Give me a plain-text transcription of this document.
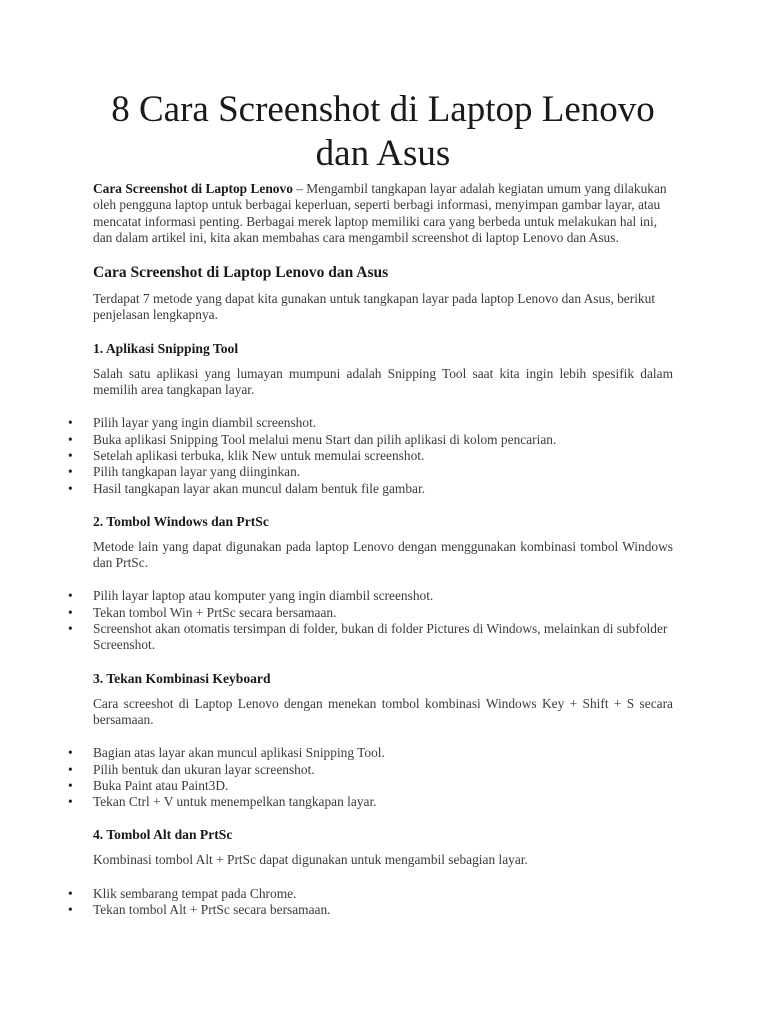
8 Cara Screenshot di Laptop Lenovo dan Asus

Cara Screenshot di Laptop Lenovo – Mengambil tangkapan layar adalah kegiatan umum yang dilakukan oleh pengguna laptop untuk berbagai keperluan, seperti berbagi informasi, menyimpan gambar layar, atau mencatat informasi penting. Berbagai merek laptop memiliki cara yang berbeda untuk melakukan hal ini, dan dalam artikel ini, kita akan membahas cara mengambil screenshot di laptop Lenovo dan Asus.

Cara Screenshot di Laptop Lenovo dan Asus

Terdapat 7 metode yang dapat kita gunakan untuk tangkapan layar pada laptop Lenovo dan Asus, berikut penjelasan lengkapnya.

1. Aplikasi Snipping Tool

Salah satu aplikasi yang lumayan mumpuni adalah Snipping Tool saat kita ingin lebih spesifik dalam memilih area tangkapan layar.

• Pilih layar yang ingin diambil screenshot.
• Buka aplikasi Snipping Tool melalui menu Start dan pilih aplikasi di kolom pencarian.
• Setelah aplikasi terbuka, klik New untuk memulai screenshot.
• Pilih tangkapan layar yang diinginkan.
• Hasil tangkapan layar akan muncul dalam bentuk file gambar.
2. Tombol Windows dan PrtSc

Metode lain yang dapat digunakan pada laptop Lenovo dengan menggunakan kombinasi tombol Windows dan PrtSc.

• Pilih layar laptop atau komputer yang ingin diambil screenshot.
• Tekan tombol Win + PrtSc secara bersamaan.
• Screenshot akan otomatis tersimpan di folder, bukan di folder Pictures di Windows, melainkan di subfolder Screenshot.
3. Tekan Kombinasi Keyboard

Cara screeshot di Laptop Lenovo dengan menekan tombol kombinasi Windows Key + Shift + S secara bersamaan.

• Bagian atas layar akan muncul aplikasi Snipping Tool.
• Pilih bentuk dan ukuran layar screenshot.
• Buka Paint atau Paint3D.
• Tekan Ctrl + V untuk menempelkan tangkapan layar.
4. Tombol Alt dan PrtSc

Kombinasi tombol Alt + PrtSc dapat digunakan untuk mengambil sebagian layar.

• Klik sembarang tempat pada Chrome.
• Tekan tombol Alt + PrtSc secara bersamaan.
